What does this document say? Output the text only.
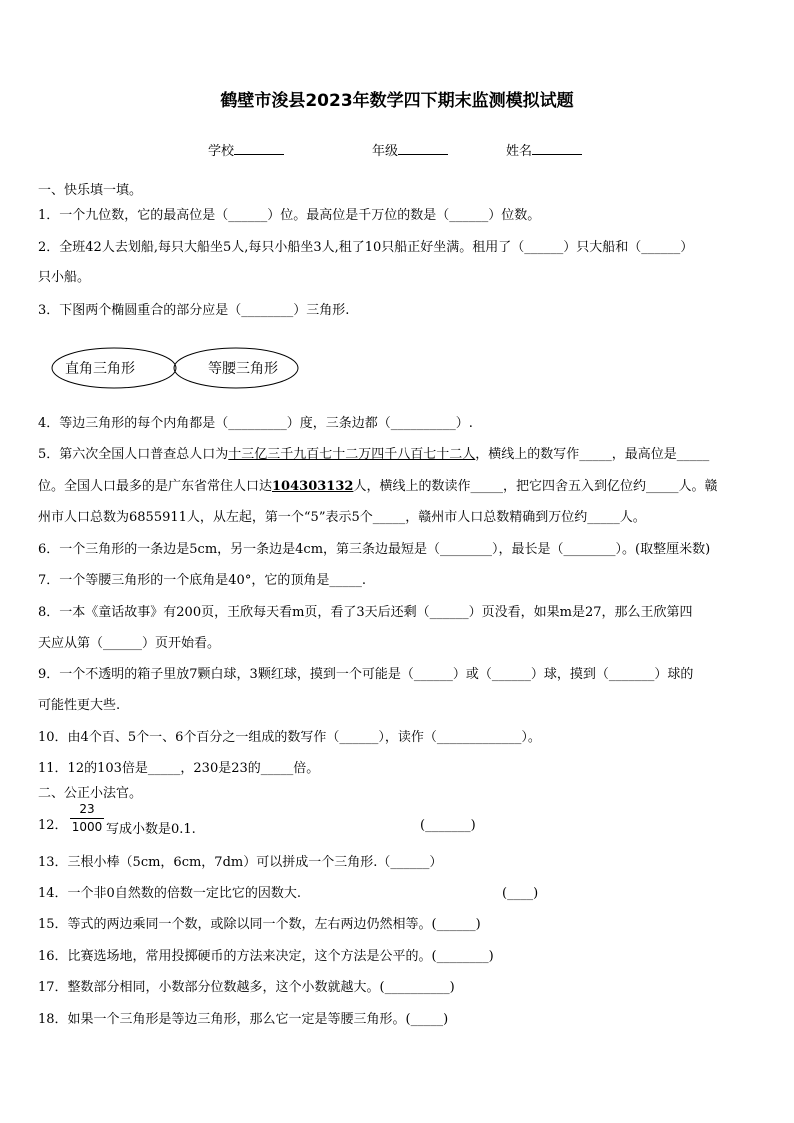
鹤壁市浚县2023年数学四下期末监测模拟试题
学校	年级	姓名
一、快乐填一填。
1．一个九位数，它的最高位是（______）位。最高位是千万位的数是（______）位数。
2．全班42人去划船,每只大船坐5人,每只小船坐3人,租了10只船正好坐满。租用了（______）只大船和（______）
只小船。
3．下图两个椭圆重合的部分应是（________）三角形.
直角三角形	等腰三角形
4．等边三角形的每个内角都是（_________）度，三条边都（__________）.
5．第六次全国人口普查总人口为十三亿三千九百七十二万四千八百七十二人，横线上的数写作_____，最高位是_____
位。全国人口最多的是广东省常住人口达104303132人，横线上的数读作_____，把它四舍五入到亿位约_____人。赣
州市人口总数为6855911人，从左起，第一个“5”表示5个_____，赣州市人口总数精确到万位约_____人。
6．一个三角形的一条边是5cm，另一条边是4cm，第三条边最短是（________），最长是（________）。(取整厘米数)
7．一个等腰三角形的一个底角是40°，它的顶角是_____.
8．一本《童话故事》有200页，王欣每天看m页，看了3天后还剩（______）页没看，如果m是27，那么王欣第四
天应从第（______）页开始看。
9．一个不透明的箱子里放7颗白球，3颗红球，摸到一个可能是（______）或（______）球，摸到（_______）球的
可能性更大些.
10．由4个百、5个一、6个百分之一组成的数写作（______），读作（_____________）。
11．12的103倍是_____，230是23的_____倍。
二、公正小法官。
12．
23
1000 写成小数是0.1.	(_______)
13．三根小棒（5cm，6cm，7dm）可以拼成一个三角形.（______）
14．一个非0自然数的倍数一定比它的因数大.	(____)
15．等式的两边乘同一个数，或除以同一个数，左右两边仍然相等。(______)
16．比赛选场地，常用投掷硬币的方法来决定，这个方法是公平的。(________)
17．整数部分相同，小数部分位数越多，这个小数就越大。(__________)
18．如果一个三角形是等边三角形，那么它一定是等腰三角形。(_____)
